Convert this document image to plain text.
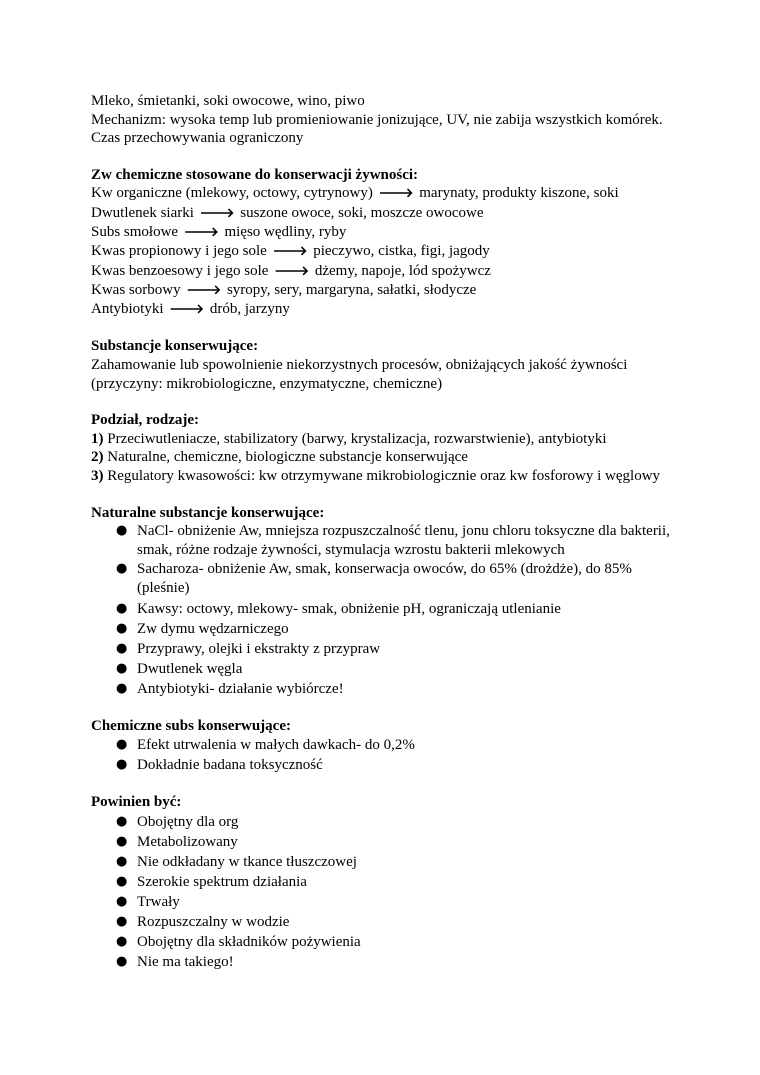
Mleko, śmietanki, soki owocowe, wino, piwo

Mechanizm: wysoka temp lub promieniowanie jonizujące, UV, nie zabija wszystkich komórek. Czas przechowywania ograniczony

Zw chemiczne stosowane do konserwacji żywności:

Kw organiczne (mlekowy, octowy, cytrynowy) 🡒 marynaty, produkty kiszone, soki

Dwutlenek siarki 🡒 suszone owoce, soki, moszcze owocowe

Subs smołowe 🡒 mięso wędliny, ryby

Kwas propionowy i jego sole 🡒 pieczywo, cistka, figi, jagody

Kwas benzoesowy i jego sole 🡒 dżemy, napoje, lód spożywcz

Kwas sorbowy 🡒 syropy, sery, margaryna, sałatki, słodycze

Antybiotyki 🡒 drób, jarzyny

Substancje konserwujące:

Zahamowanie lub spowolnienie niekorzystnych procesów, obniżających jakość żywności (przyczyny: mikrobiologiczne, enzymatyczne, chemiczne)

Podział, rodzaje:

1) Przeciwutleniacze, stabilizatory (barwy, krystalizacja, rozwarstwienie), antybiotyki

2) Naturalne, chemiczne, biologiczne substancje konserwujące

3) Regulatory kwasowości: kw otrzymywane mikrobiologicznie oraz kw fosforowy i węglowy

Naturalne substancje konserwujące:

● NaCl- obniżenie Aw, mniejsza rozpuszczalność tlenu, jonu chloru toksyczne dla bakterii, smak, różne rodzaje żywności, stymulacja wzrostu bakterii mlekowych
● Sacharoza- obniżenie Aw, smak, konserwacja owoców, do 65% (drożdże), do 85% (pleśnie)
● Kawsy: octowy, mlekowy- smak, obniżenie pH, ograniczają utlenianie
● Zw dymu wędzarniczego
● Przyprawy, olejki i ekstrakty z przypraw
● Dwutlenek węgla
● Antybiotyki- działanie wybiórcze!

Chemiczne subs konserwujące:

● Efekt utrwalenia w małych dawkach- do 0,2%
● Dokładnie badana toksyczność

Powinien być:

● Obojętny dla org
● Metabolizowany
● Nie odkładany w tkance tłuszczowej
● Szerokie spektrum działania
● Trwały
● Rozpuszczalny w wodzie
● Obojętny dla składników pożywienia
● Nie ma takiego!
